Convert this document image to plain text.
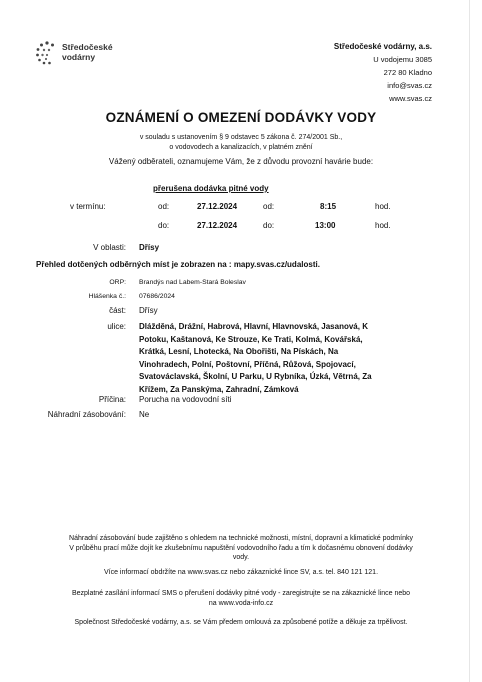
Středočeské
vodárny
Středočeské vodárny, a.s.
U vodojemu 3085
272 80 Kladno
info@svas.cz
www.svas.cz
OZNÁMENÍ O OMEZENÍ DODÁVKY VODY
v souladu s ustanovením § 9 odstavec 5 zákona č. 274/2001 Sb.,
o vodovodech a kanalizacích, v platném znění
Vážený odběrateli, oznamujeme Vám, že z důvodu provozní havárie bude:
přerušena dodávka pitné vody
v termínu:	od:	27.12.2024	od:	8:15	hod.
do:	27.12.2024	do:	13:00	hod.
V oblasti: Dřísy
Přehled dotčených odběrných míst je zobrazen na : mapy.svas.cz/udalosti.
ORP: Brandýs nad Labem-Stará Boleslav
Hlášenka č.: 07686/2024
část: Dřísy
ulice: Dlážděná, Drážní, Habrová, Hlavní, Hlavnovská, Jasanová, K
Potoku, Kaštanová, Ke Strouze, Ke Trati, Kolmá, Kovářská,
Krátká, Lesní, Lhotecká, Na Obořišti, Na Pískách, Na
Vinohradech, Polní, Poštovní, Příčná, Růžová, Spojovací,
Svatováclavská, Školní, U Parku, U Rybníka, Úzká, Větrná, Za
Křížem, Za Panskýma, Zahradní, Zámková
Příčina: Porucha na vodovodní síti
Náhradní zásobování: Ne
Náhradní zásobování bude zajištěno s ohledem na technické možnosti, místní, dopravní a klimatické podmínky
V průběhu prací může dojít ke zkušebnímu napuštění vodovodního řadu a tím k dočasnému obnovení dodávky
vody.
Více informací obdržíte na www.svas.cz nebo zákaznické lince SV, a.s. tel. 840 121 121.
Bezplatné zasílání informací SMS o přerušení dodávky pitné vody - zaregistrujte se na zákaznické lince nebo
na www.voda-info.cz
Společnost Středočeské vodárny, a.s. se Vám předem omlouvá za způsobené potíže a děkuje za trpělivost.
